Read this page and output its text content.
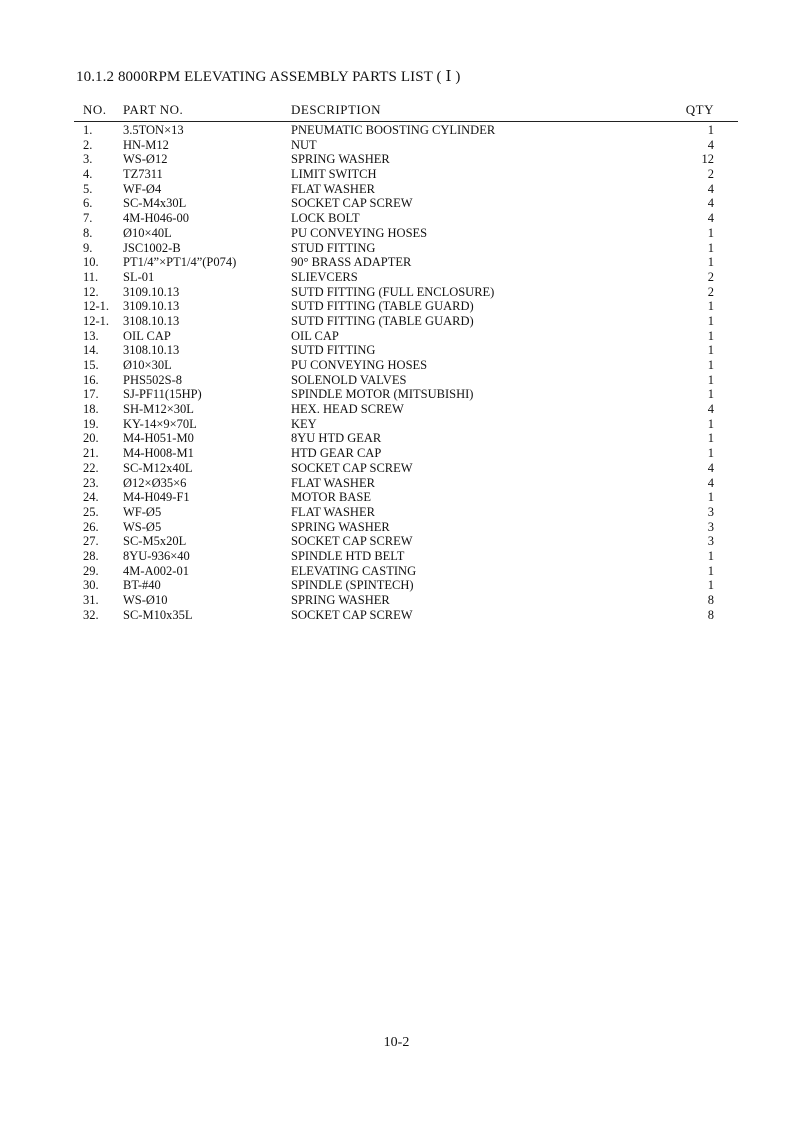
10.1.2 8000RPM ELEVATING ASSEMBLY PARTS LIST ( Ⅰ )
NO. PART NO.	DESCRIPTION	QTY
1. 3.5TON×13	PNEUMATIC BOOSTING CYLINDER	1
2. HN-M12	NUT	4
3. WS-Ø12	SPRING WASHER	12
4. TZ7311	LIMIT SWITCH	2
5. WF-Ø4	FLAT WASHER	4
6. SC-M4x30L	SOCKET CAP SCREW	4
7. 4M-H046-00	LOCK BOLT	4
8. Ø10×40L	PU CONVEYING HOSES	1
9. JSC1002-B	STUD FITTING	1
10. PT1/4”×PT1/4”(P074)	90° BRASS ADAPTER	1
11. SL-01	SLIEVCERS	2
12. 3109.10.13	SUTD FITTING (FULL ENCLOSURE)	2
12-1. 3109.10.13	SUTD FITTING (TABLE GUARD)	1
12-1. 3108.10.13	SUTD FITTING (TABLE GUARD)	1
13. OIL CAP	OIL CAP	1
14. 3108.10.13	SUTD FITTING	1
15. Ø10×30L	PU CONVEYING HOSES	1
16. PHS502S-8	SOLENOLD VALVES	1
17. SJ-PF11(15HP)	SPINDLE MOTOR (MITSUBISHI)	1
18. SH-M12×30L	HEX. HEAD SCREW	4
19. KY-14×9×70L	KEY	1
20. M4-H051-M0	8YU HTD GEAR	1
21. M4-H008-M1	HTD GEAR CAP	1
22. SC-M12x40L	SOCKET CAP SCREW	4
23. Ø12×Ø35×6	FLAT WASHER	4
24. M4-H049-F1	MOTOR BASE	1
25. WF-Ø5	FLAT WASHER	3
26. WS-Ø5	SPRING WASHER	3
27. SC-M5x20L	SOCKET CAP SCREW	3
28. 8YU-936×40	SPINDLE HTD BELT	1
29. 4M-A002-01	ELEVATING CASTING	1
30. BT-#40	SPINDLE (SPINTECH)	1
31. WS-Ø10	SPRING WASHER	8
32. SC-M10x35L	SOCKET CAP SCREW	8
10-2
